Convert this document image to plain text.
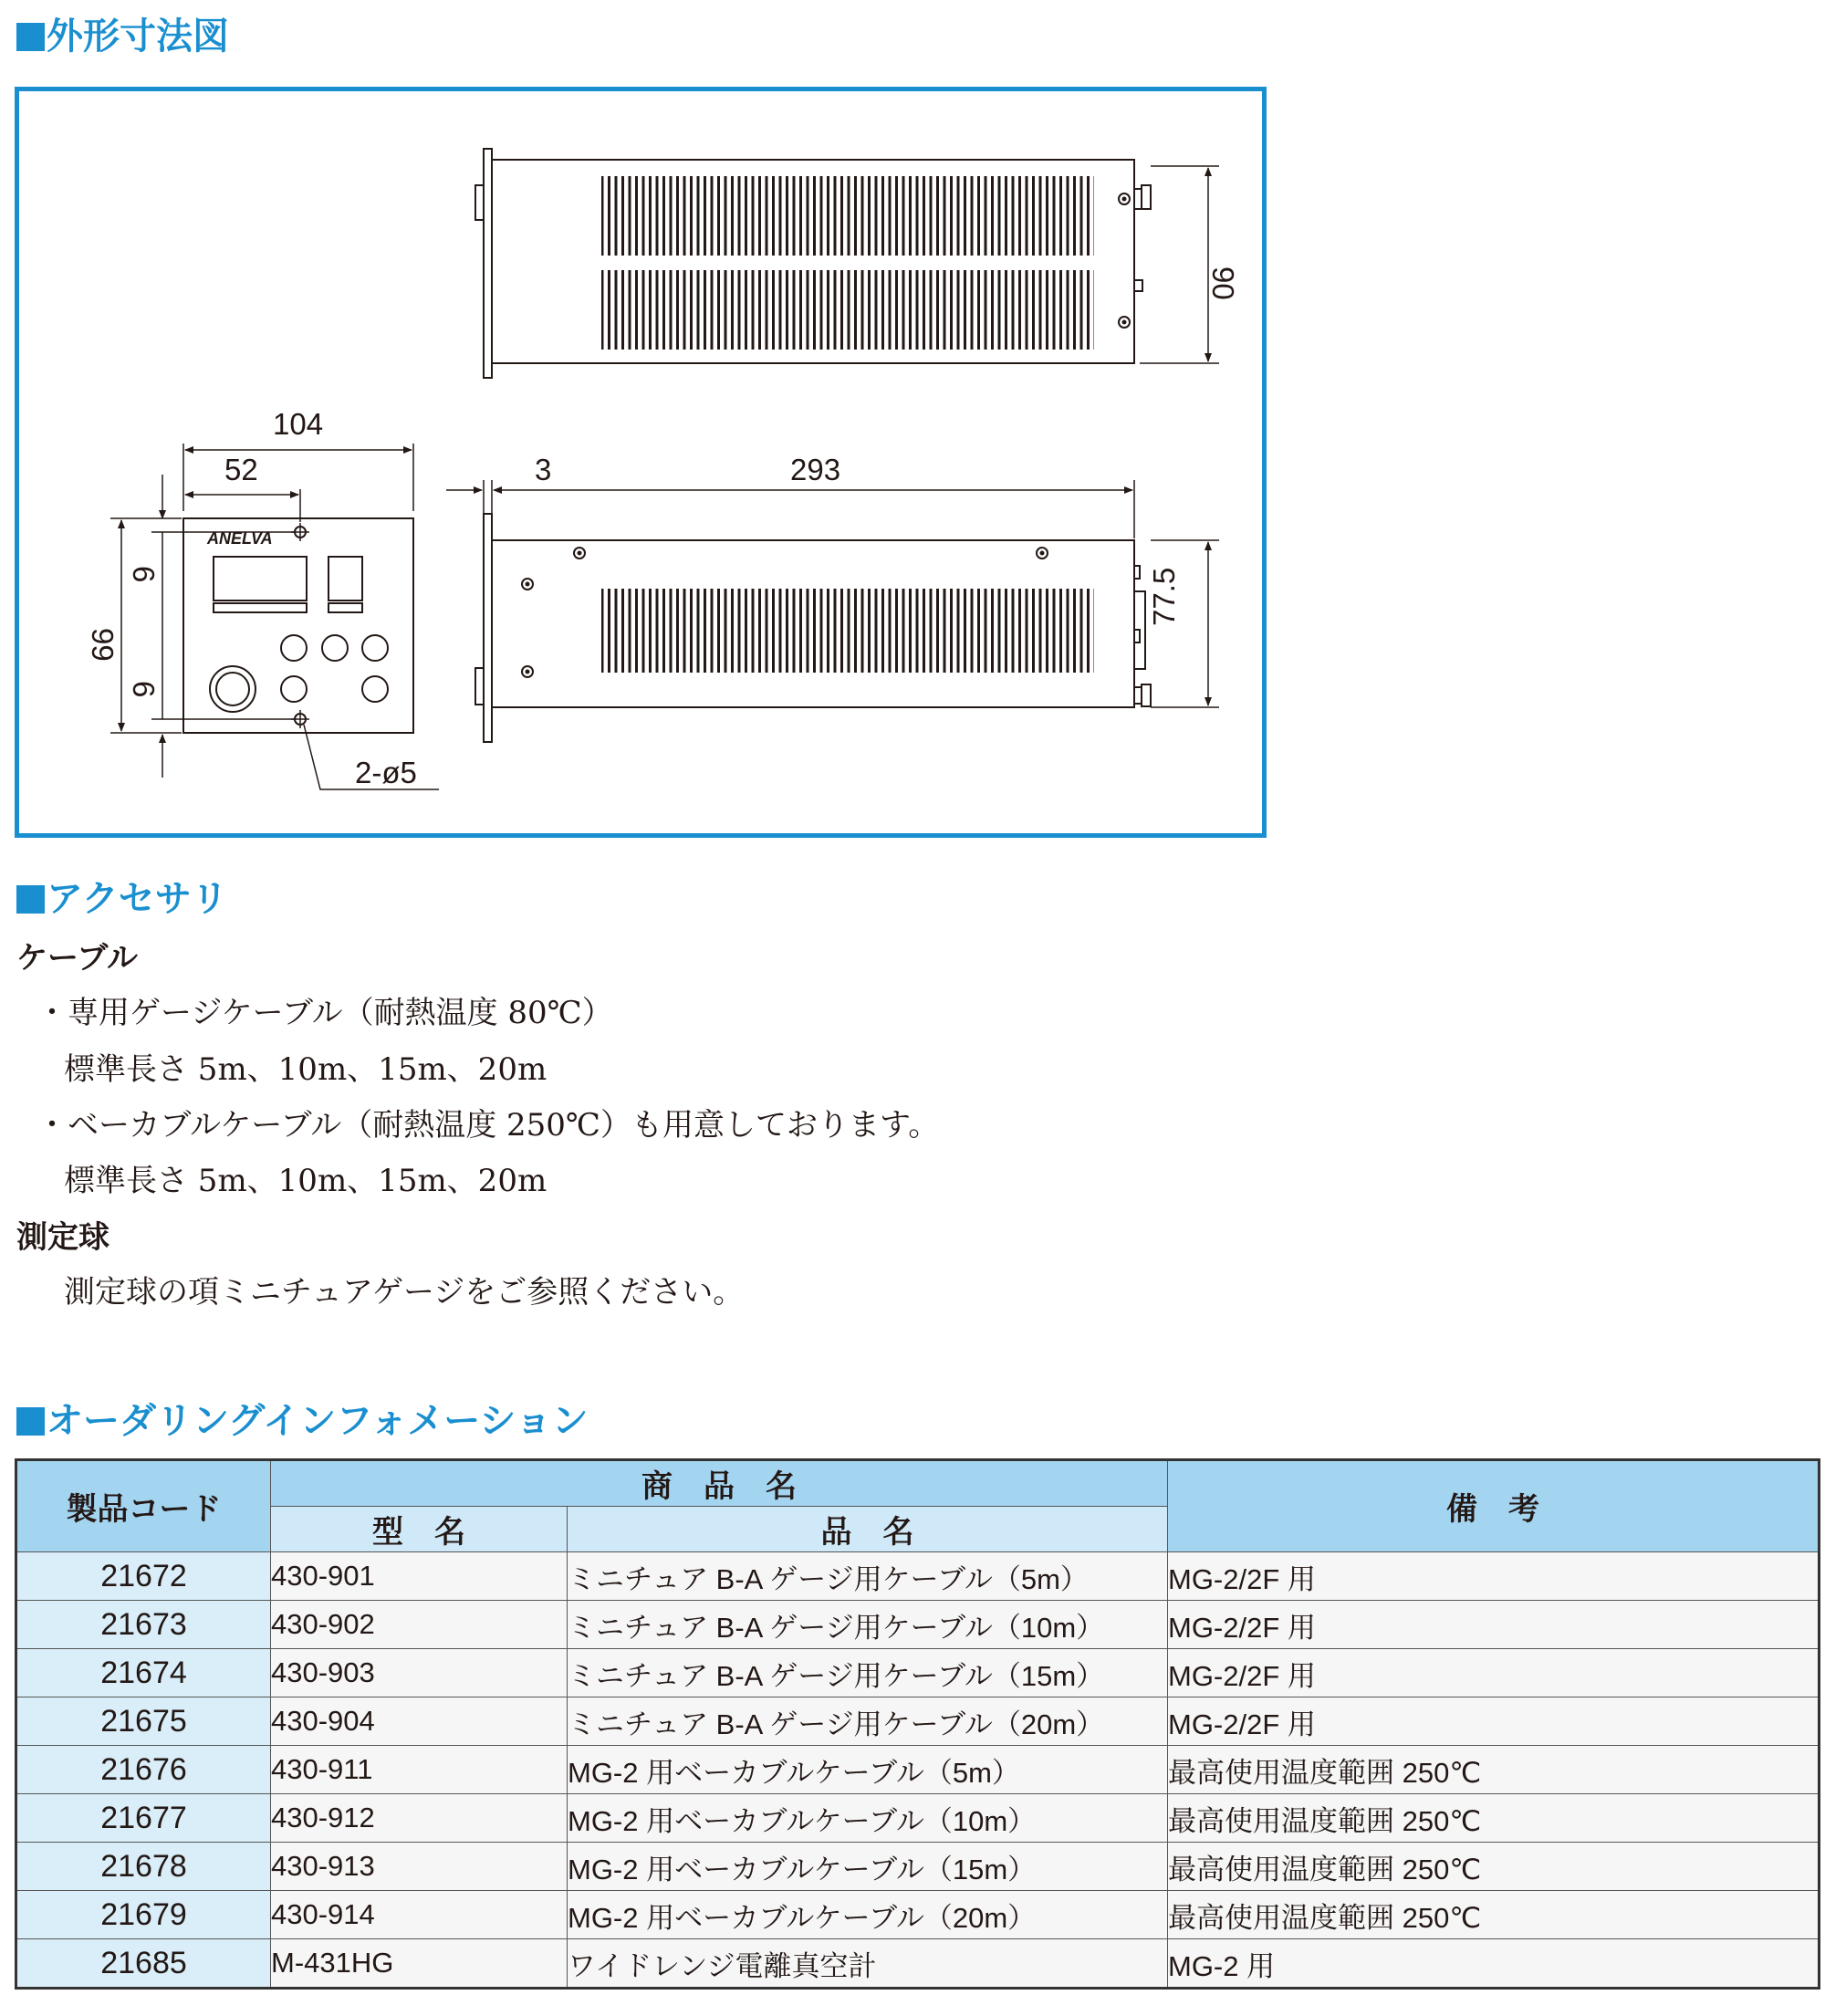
外形寸法図
90
104
52	3	293
99
6
6
77.5
2-ø5
ANELVA
アクセサリ
ケーブル
・専用ゲージケーブル（耐熱温度 80℃）
標準長さ 5m、10m、15m、20m
・ベーカブルケーブル（耐熱温度 250℃）も用意しております。
標準長さ 5m、10m、15m、20m
測定球
測定球の項ミニチュアゲージをご参照ください。
オーダリングインフォメーション
製品コード	商　品　名		備　考
	型　名	品　名	
21672	430-901	ミニチュア B-A ゲージ用ケーブル（5m）	MG-2/2F 用
21673	430-902	ミニチュア B-A ゲージ用ケーブル（10m）	MG-2/2F 用
21674	430-903	ミニチュア B-A ゲージ用ケーブル（15m）	MG-2/2F 用
21675	430-904	ミニチュア B-A ゲージ用ケーブル（20m）	MG-2/2F 用
21676	430-911	MG-2 用ベーカブルケーブル（5m）	最高使用温度範囲 250℃
21677	430-912	MG-2 用ベーカブルケーブル（10m）	最高使用温度範囲 250℃
21678	430-913	MG-2 用ベーカブルケーブル（15m）	最高使用温度範囲 250℃
21679	430-914	MG-2 用ベーカブルケーブル（20m）	最高使用温度範囲 250℃
21685	M-431HG	ワイドレンジ電離真空計	MG-2 用
